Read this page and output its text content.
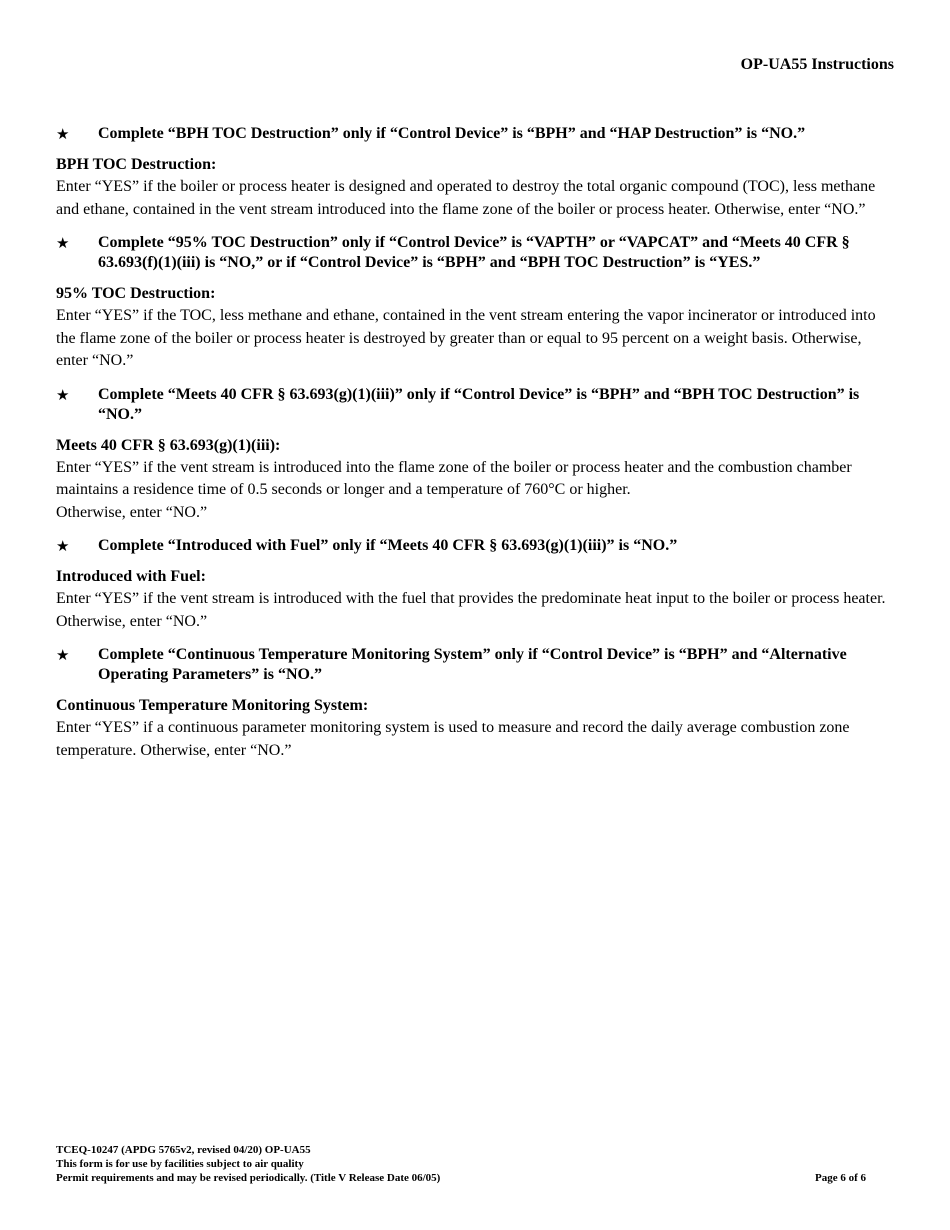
OP-UA55 Instructions
★	Complete “BPH TOC Destruction” only if “Control Device” is “BPH” and “HAP Destruction” is “NO.”
BPH TOC Destruction:
Enter “YES” if the boiler or process heater is designed and operated to destroy the total organic compound (TOC), less methane and ethane, contained in the vent stream introduced into the flame zone of the boiler or process heater. Otherwise, enter “NO.”
★	Complete “95% TOC Destruction” only if “Control Device” is “VAPTH” or “VAPCAT” and “Meets 40 CFR § 63.693(f)(1)(iii) is “NO,” or if “Control Device” is “BPH” and “BPH TOC Destruction” is “YES.”
95% TOC Destruction:
Enter “YES” if the TOC, less methane and ethane, contained in the vent stream entering the vapor incinerator or introduced into the flame zone of the boiler or process heater is destroyed by greater than or equal to 95 percent on a weight basis. Otherwise, enter “NO.”
★	Complete “Meets 40 CFR § 63.693(g)(1)(iii)” only if “Control Device” is “BPH” and “BPH TOC Destruction” is “NO.”
Meets 40 CFR § 63.693(g)(1)(iii):
Enter “YES” if the vent stream is introduced into the flame zone of the boiler or process heater and the combustion chamber maintains a residence time of 0.5 seconds or longer and a temperature of 760°C or higher.
Otherwise, enter “NO.”
★	Complete “Introduced with Fuel” only if “Meets 40 CFR § 63.693(g)(1)(iii)” is “NO.”
Introduced with Fuel:
Enter “YES” if the vent stream is introduced with the fuel that provides the predominate heat input to the boiler or process heater. Otherwise, enter “NO.”
★	Complete “Continuous Temperature Monitoring System” only if “Control Device” is “BPH” and “Alternative Operating Parameters” is “NO.”
Continuous Temperature Monitoring System:
Enter “YES” if a continuous parameter monitoring system is used to measure and record the daily average combustion zone temperature. Otherwise, enter “NO.”
TCEQ-10247 (APDG 5765v2, revised 04/20) OP-UA55
This form is for use by facilities subject to air quality
Permit requirements and may be revised periodically. (Title V Release Date 06/05)	Page 6 of 6
